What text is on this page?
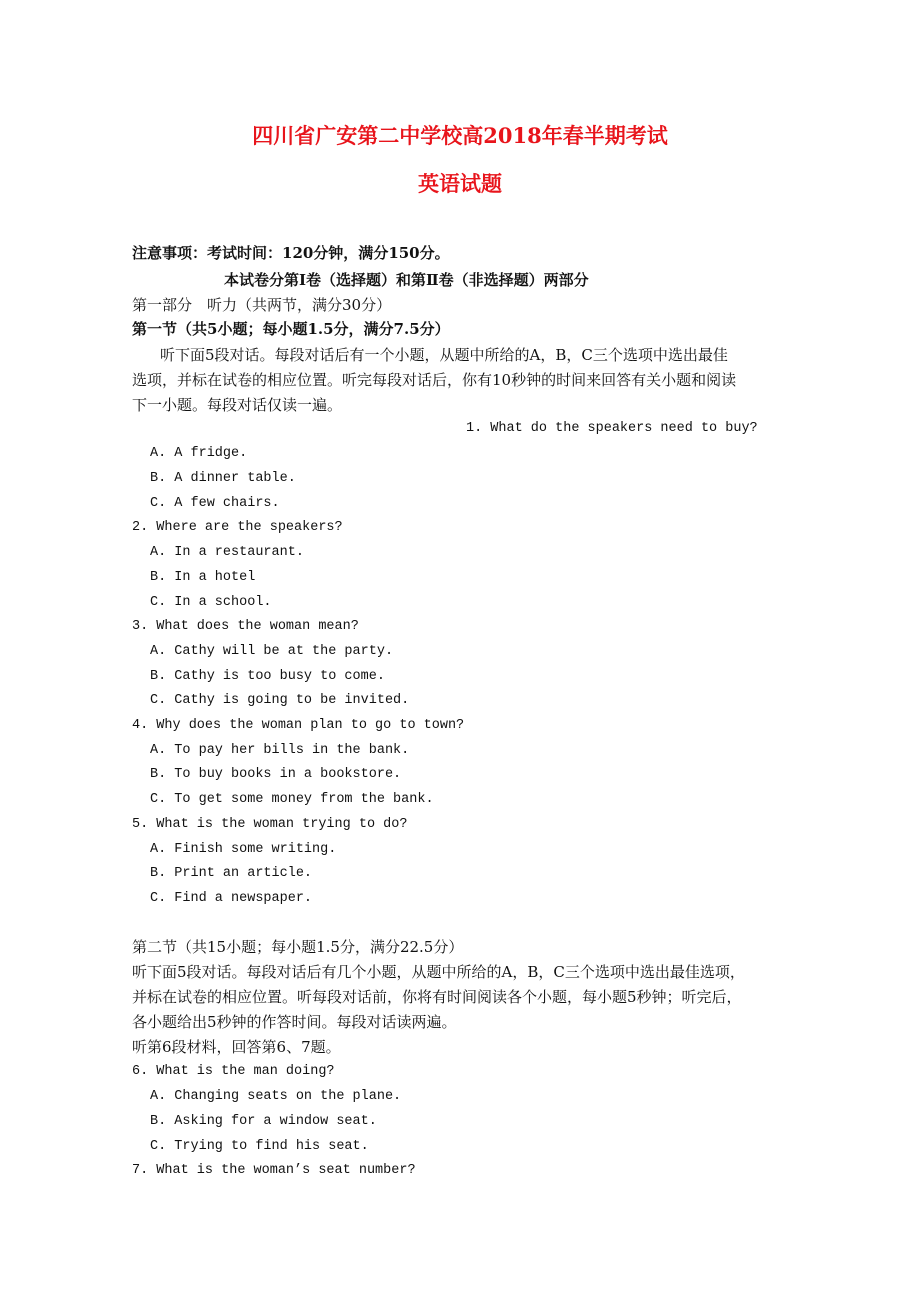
四川省广安第二中学校高2018年春半期考试
英语试题
注意事项：考试时间：120分钟，满分150分。
本试卷分第Ⅰ卷（选择题）和第Ⅱ卷（非选择题）两部分
第一部分　听力（共两节，满分30分）
第一节（共5小题；每小题1.5分，满分7.5分）
听下面5段对话。每段对话后有一个小题，从题中所给的A，B，C三个选项中选出最佳
选项，并标在试卷的相应位置。听完每段对话后，你有10秒钟的时间来回答有关小题和阅读
下一小题。每段对话仅读一遍。
1. What do the speakers need to buy?
A. A fridge.
B. A dinner table.
C. A few chairs.
2. Where are the speakers?
A. In a restaurant.
B. In a hotel
C. In a school.
3. What does the woman mean?
A. Cathy will be at the party.
B. Cathy is too busy to come.
C. Cathy is going to be invited.
4. Why does the woman plan to go to town?
A. To pay her bills in the bank.
B. To buy books in a bookstore.
C. To get some money from the bank.
5. What is the woman trying to do?
A. Finish some writing.
B. Print an article.
C. Find a newspaper.
第二节（共15小题；每小题1.5分，满分22.5分）
听下面5段对话。每段对话后有几个小题，从题中所给的A，B，C三个选项中选出最佳选项，
并标在试卷的相应位置。听每段对话前，你将有时间阅读各个小题，每小题5秒钟；听完后，
各小题给出5秒钟的作答时间。每段对话读两遍。
听第6段材料，回答第6、7题。
6. What is the man doing?
A. Changing seats on the plane.
B. Asking for a window seat.
C. Trying to find his seat.
7. What is the woman’s seat number?
